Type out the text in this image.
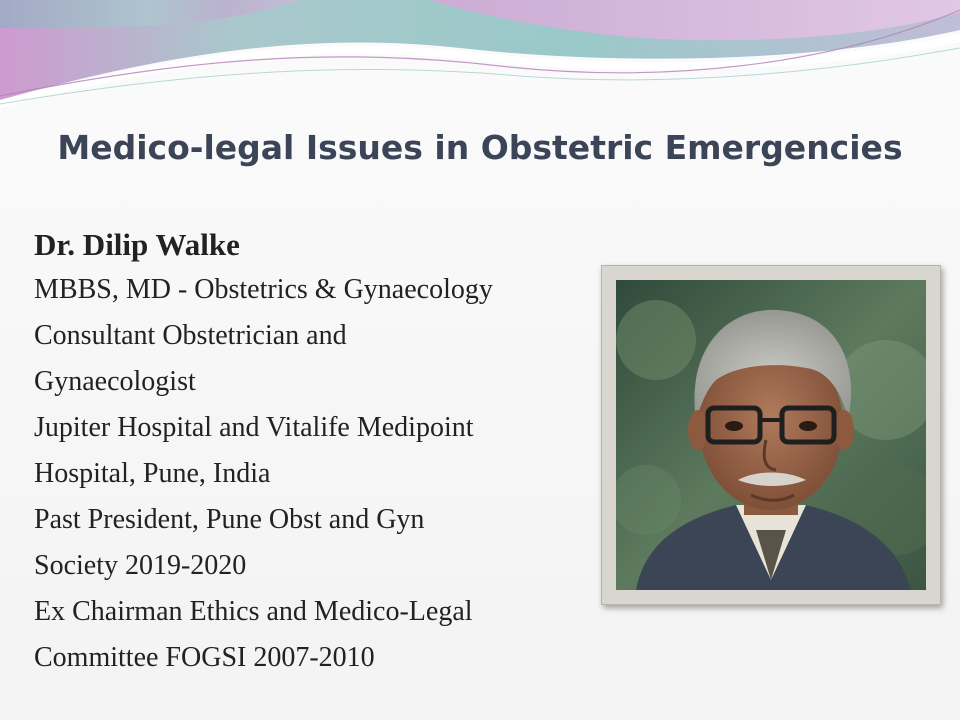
Medico-legal Issues in Obstetric Emergencies

Dr. Dilip Walke

MBBS, MD - Obstetrics & Gynaecology
Consultant Obstetrician and
Gynaecologist
Jupiter Hospital and Vitalife Medipoint
Hospital, Pune, India
Past President, Pune Obst and Gyn
Society 2019-2020
Ex Chairman Ethics and Medico-Legal
Committee FOGSI 2007-2010
